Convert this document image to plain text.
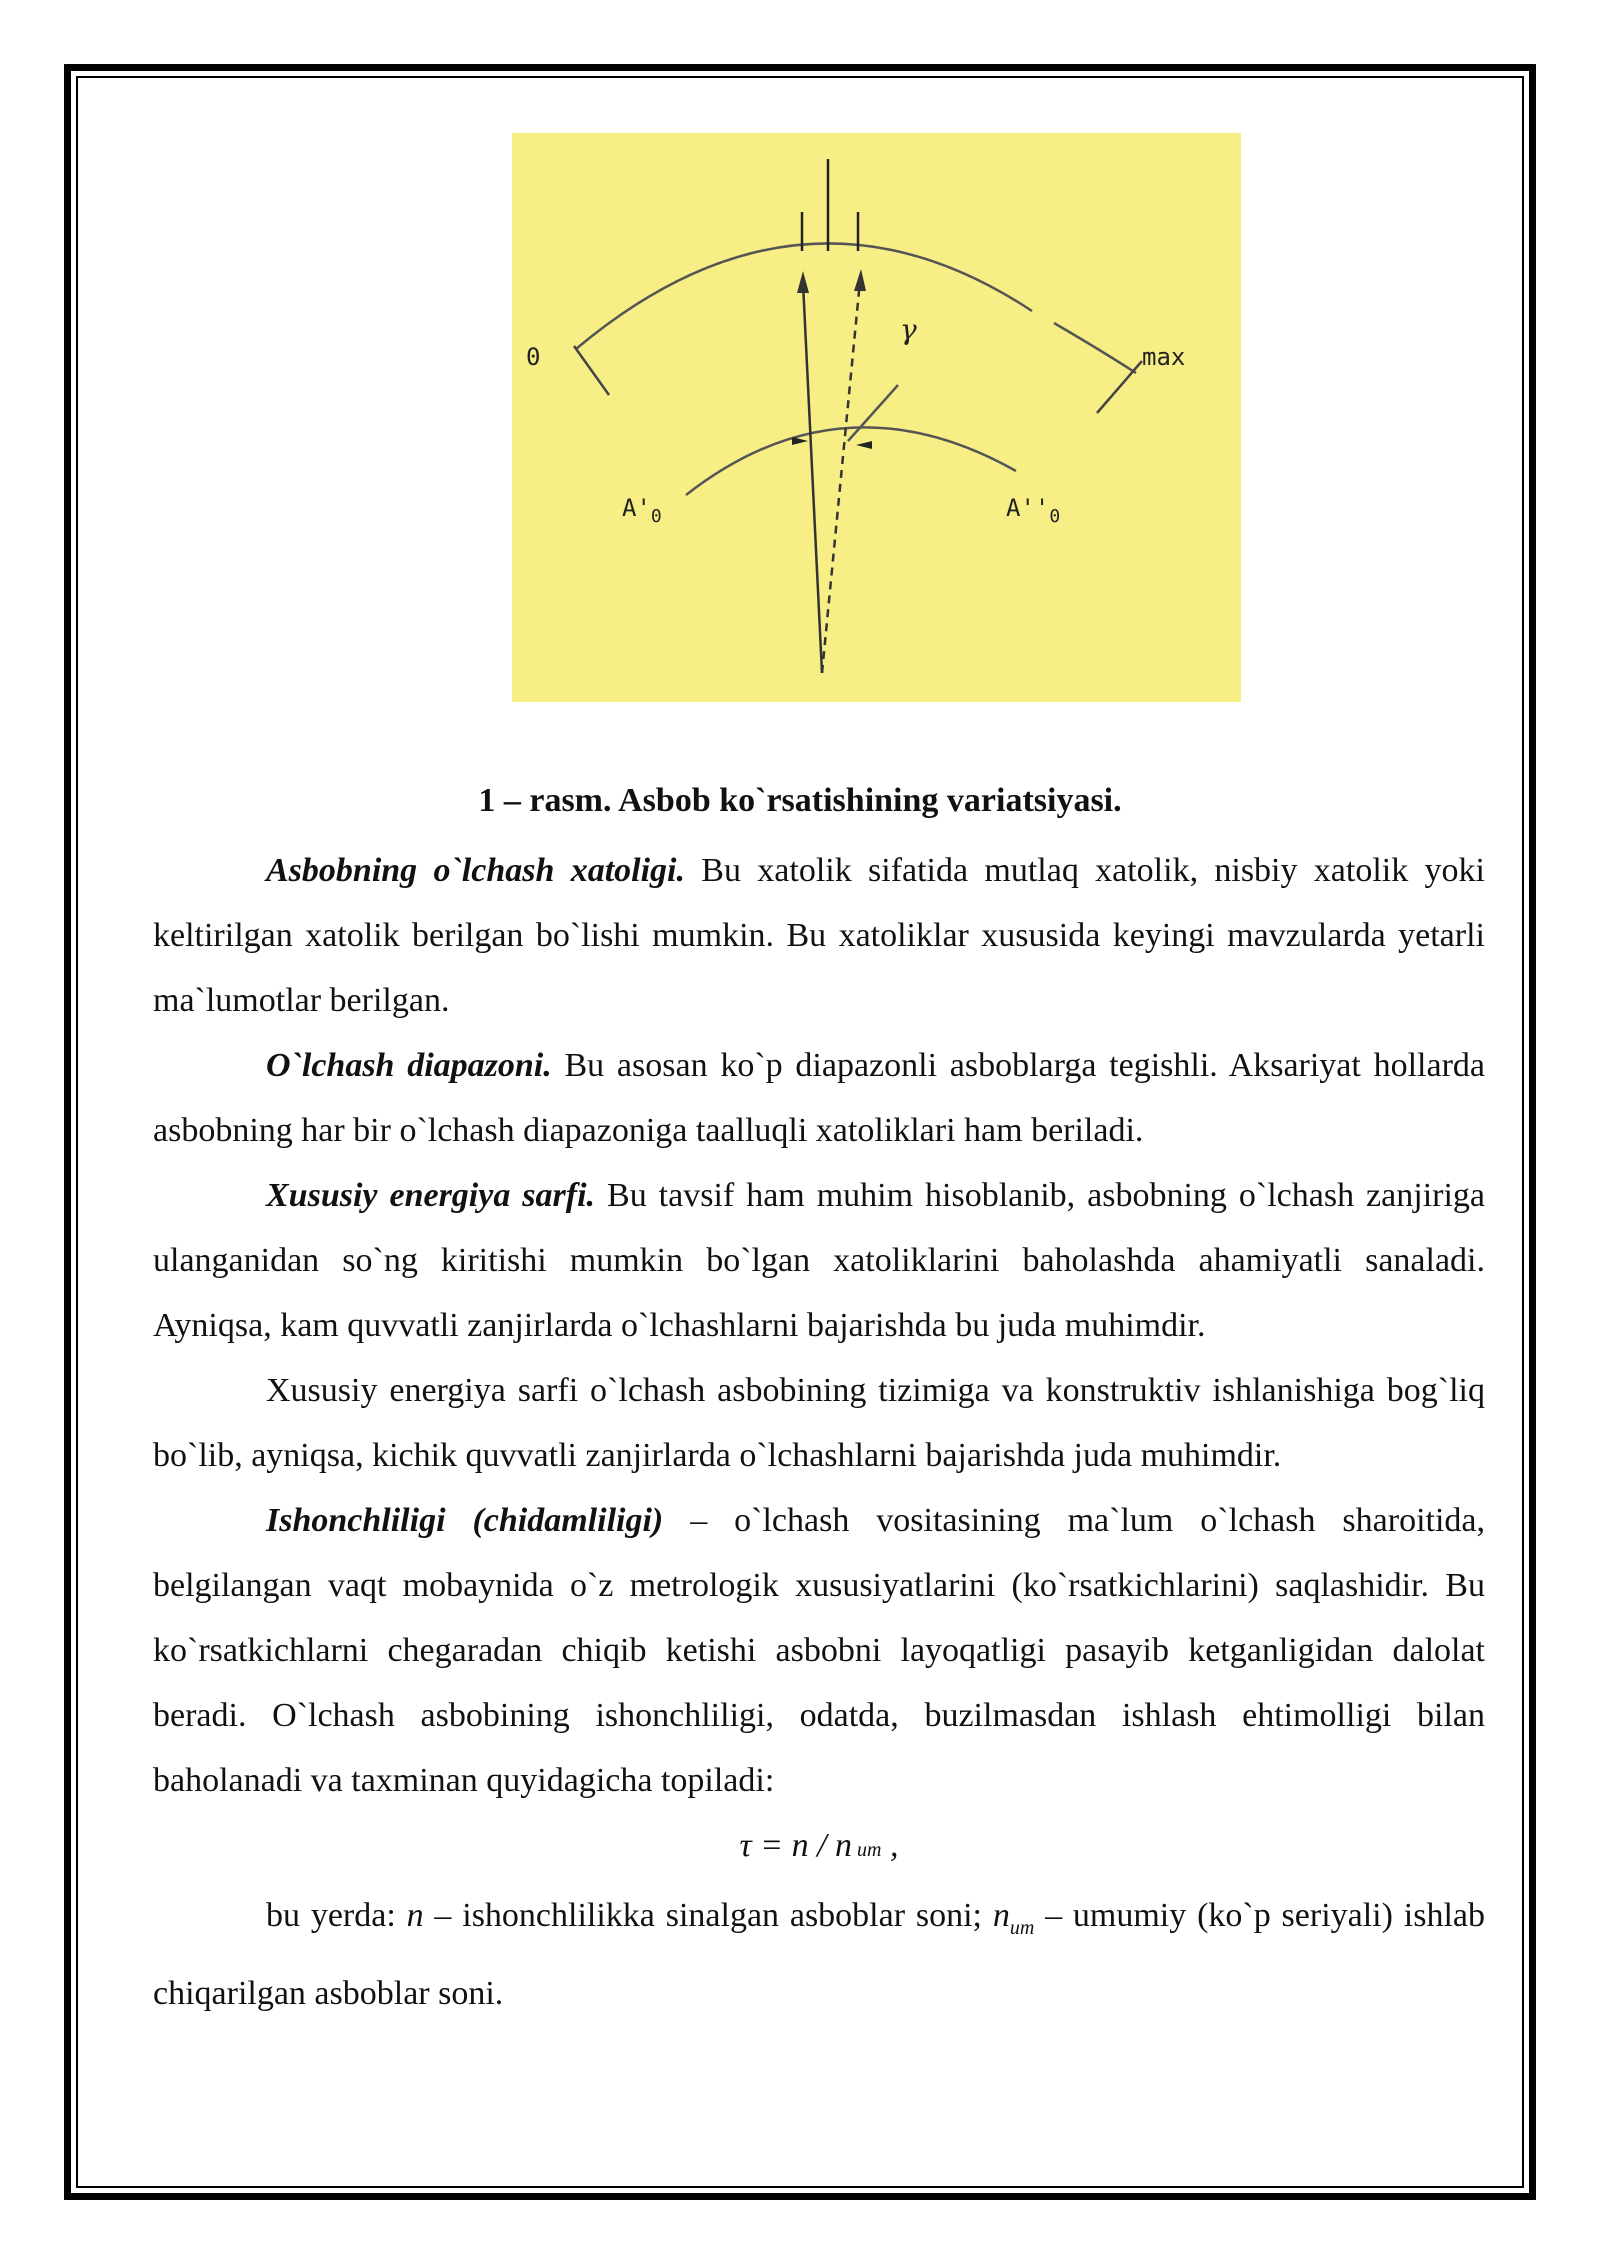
0	max
γ
$A'_0$	$A''_0$
1 – rasm. Asbob ko`rsatishining variatsiyasi.

Asbobning o`lchash xatoligi. Bu xatolik sifatida mutlaq xatolik, nisbiy xatolik yoki keltirilgan xatolik berilgan bo`lishi mumkin. Bu xatoliklar xususida keyingi mavzularda yetarli ma`lumotlar berilgan.

O`lchash diapazoni. Bu asosan ko`p diapazonli asboblarga tegishli. Aksariyat hollarda asbobning har bir o`lchash diapazoniga taalluqli xatoliklari ham beriladi.

Xususiy energiya sarfi. Bu tavsif ham muhim hisoblanib, asbobning o`lchash zanjiriga ulanganidan so`ng kiritishi mumkin bo`lgan xatoliklarini baholashda ahamiyatli sanaladi. Ayniqsa, kam quvvatli zanjirlarda o`lchashlarni bajarishda bu juda muhimdir.

Xususiy energiya sarfi o`lchash asbobining tizimiga va konstruktiv ishlanishiga bog`liq bo`lib, ayniqsa, kichik quvvatli zanjirlarda o`lchashlarni bajarishda juda muhimdir.

Ishonchliligi (chidamliligi) – o`lchash vositasining ma`lum o`lchash sharoitida, belgilangan vaqt mobaynida o`z metrologik xususiyatlarini (ko`rsatkichlarini) saqlashidir. Bu ko`rsatkichlarni chegaradan chiqib ketishi asbobni layoqatligi pasayib ketganligidan dalolat beradi. O`lchash asbobining ishonchliligi, odatda, buzilmasdan ishlash ehtimolligi bilan baholanadi va taxminan quyidagicha topiladi:

τ = n / n um ,

bu yerda: n – ishonchlilikka sinalgan asboblar soni; $n_{um}$ – umumiy (ko`p seriyali) ishlab chiqarilgan asboblar soni.
